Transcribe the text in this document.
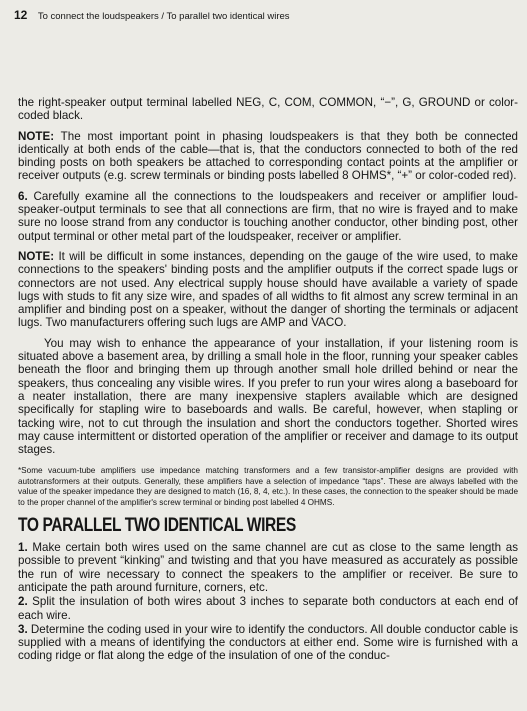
12 To connect the loudspeakers / To parallel two identical wires

the right-speaker output terminal labelled NEG, C, COM, COMMON, “−”, G, GROUND or color-coded black.

NOTE: The most important point in phasing loudspeakers is that they both be connected identically at both ends of the cable—that is, that the conductors connected to both of the red binding posts on both speakers be attached to corresponding contact points at the amplifier or receiver outputs (e.g. screw terminals or binding posts labelled 8 OHMS*, “+” or color-coded red).

6. Carefully examine all the connections to the loudspeakers and receiver or amplifier loud-speaker-output terminals to see that all connections are firm, that no wire is frayed and to make sure no loose strand from any conductor is touching another conductor, other binding post, other output terminal or other metal part of the loudspeaker, receiver or amplifier.

NOTE: It will be difficult in some instances, depending on the gauge of the wire used, to make connections to the speakers' binding posts and the amplifier outputs if the correct spade lugs or connectors are not used. Any electrical supply house should have available a variety of spade lugs with studs to fit any size wire, and spades of all widths to fit almost any screw terminal in an amplifier and binding post on a speaker, without the danger of shorting the terminals or adjacent lugs. Two manufacturers offering such lugs are AMP and VACO.

You may wish to enhance the appearance of your installation, if your listening room is situated above a basement area, by drilling a small hole in the floor, running your speaker cables beneath the floor and bringing them up through another small hole drilled behind or near the speakers, thus concealing any visible wires. If you prefer to run your wires along a baseboard for a neater installation, there are many inexpensive staplers available which are designed specifically for stapling wire to baseboards and walls. Be careful, however, when stapling or tacking wire, not to cut through the insulation and short the conductors together. Shorted wires may cause intermittent or distorted operation of the amplifier or receiver and damage to its output stages.

*Some vacuum-tube amplifiers use impedance matching transformers and a few transistor-amplifier designs are provided with autotransformers at their outputs. Generally, these amplifiers have a selection of impedance “taps”. These are always labelled with the value of the speaker impedance they are designed to match (16, 8, 4, etc.). In these cases, the connection to the speaker should be made to the proper channel of the amplifier's screw terminal or binding post labelled 4 OHMS.

TO PARALLEL TWO IDENTICAL WIRES

1. Make certain both wires used on the same channel are cut as close to the same length as possible to prevent “kinking” and twisting and that you have measured as accurately as possible the run of wire necessary to connect the speakers to the amplifier or receiver. Be sure to anticipate the path around furniture, corners, etc.

2. Split the insulation of both wires about 3 inches to separate both conductors at each end of each wire.

3. Determine the coding used in your wire to identify the conductors. All double conductor cable is supplied with a means of identifying the conductors at either end. Some wire is furnished with a coding ridge or flat along the edge of the insulation of one of the conduc-
